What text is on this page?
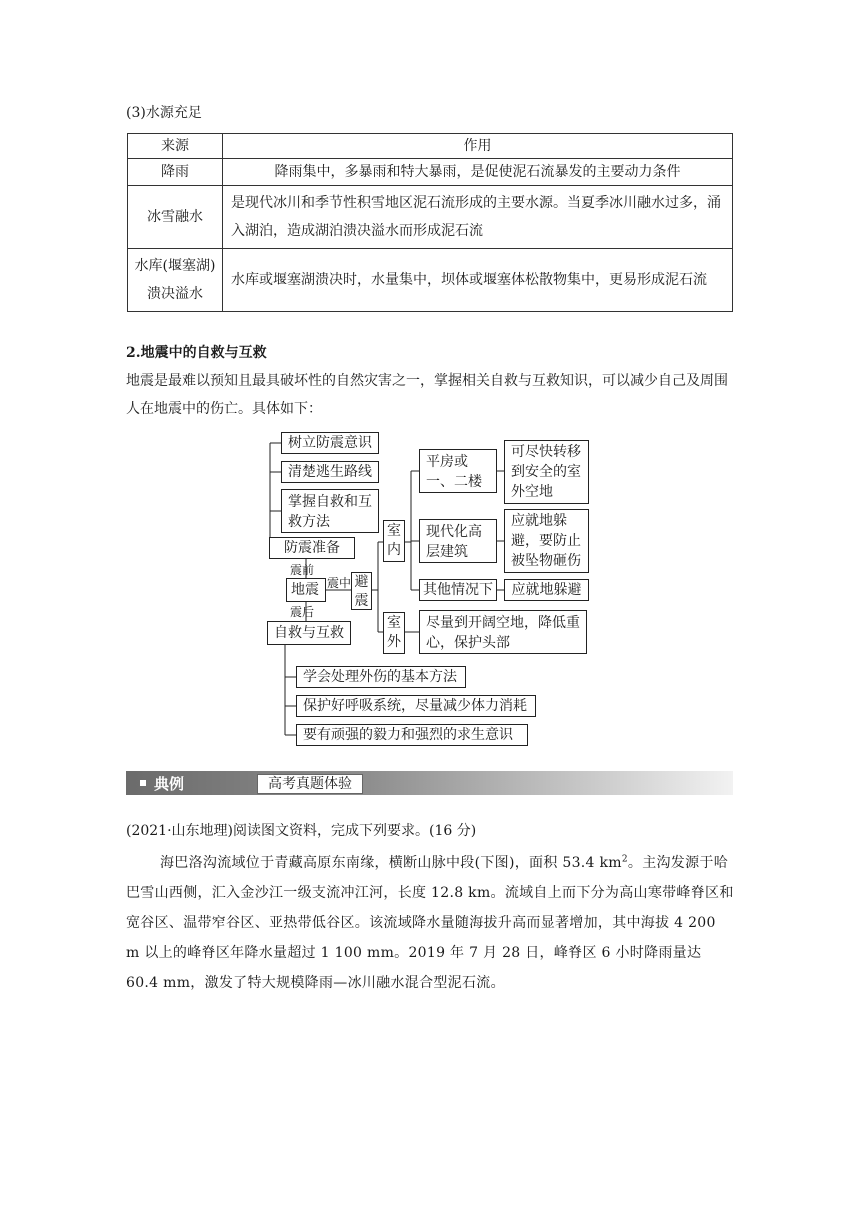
(3)水源充足
来源	作用
降雨	降雨集中，多暴雨和特大暴雨，是促使泥石流暴发的主要动力条件
冰雪融水	是现代冰川和季节性积雪地区泥石流形成的主要水源。当夏季冰川融水过多，涌入湖泊，造成湖泊溃决溢水而形成泥石流

水库(堰塞湖)
溃决溢水	水库或堰塞湖溃决时，水量集中，坝体或堰塞体松散物集中，更易形成泥石流
2.地震中的自救与互救
地震是最难以预知且最具破坏性的自然灾害之一，掌握相关自救与互救知识，可以减少自己及周围人在地震中的伤亡。具体如下：
树立防震意识
清楚逃生路线
掌握自救和互救方法
防震准备
震前
地震 震中 避震
震后
自救与互救
室内
室外
平房或一、二楼
可尽快转移到安全的室外空地
现代化高层建筑
应就地躲避，要防止被坠物砸伤
其他情况下	应就地躲避
尽量到开阔空地，降低重心，保护头部
学会处理外伤的基本方法
保护好呼吸系统，尽量减少体力消耗
要有顽强的毅力和强烈的求生意识
典例	高考真题体验
(2021·山东地理)阅读图文资料，完成下列要求。(16 分)
海巴洛沟流域位于青藏高原东南缘，横断山脉中段(下图)，面积 53.4 $km^2$。主沟发源于哈巴雪山西侧，汇入金沙江一级支流冲江河，长度 12.8 km。流域自上而下分为高山寒带峰脊区和宽谷区、温带窄谷区、亚热带低谷区。该流域降水量随海拔升高而显著增加，其中海拔 4 200 m 以上的峰脊区年降水量超过 1 100 mm。2019 年 7 月 28 日，峰脊区 6 小时降雨量达 60.4 mm，激发了特大规模降雨—冰川融水混合型泥石流。
